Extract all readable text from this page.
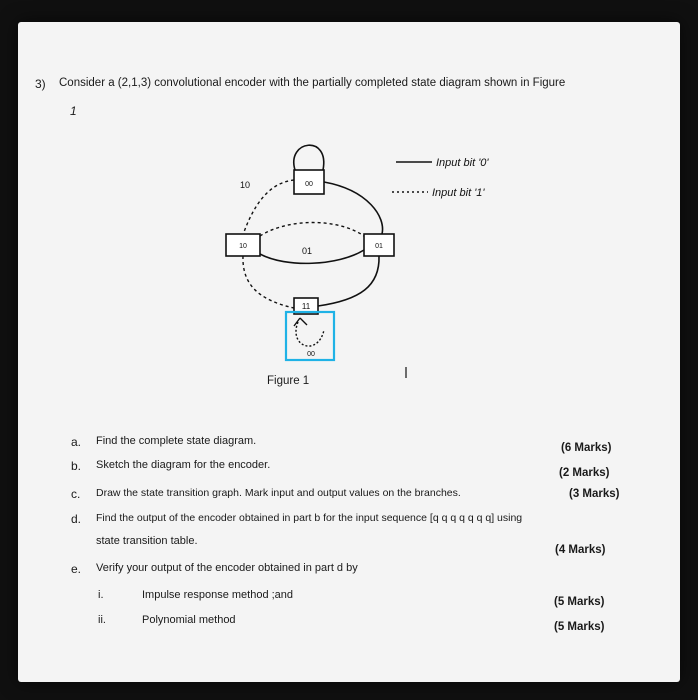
3) Consider a (2,1,3) convolutional encoder with the partially completed state diagram shown in Figure
1
00
10
10	01	01
11
00
Input bit '0'
Input bit '1'
Figure 1
a. Find the complete state diagram.
(6 Marks)
b. Sketch the diagram for the encoder.
(2 Marks)
c. Draw the state transition graph. Mark input and output values on the branches.	(3 Marks)
d. Find the output of the encoder obtained in part b for the input sequence [q q q q q q q] using
state transition table.
(4 Marks)
e. Verify your output of the encoder obtained in part d by
i.	Impulse response method ;and
(5 Marks)
ii.	Polynomial method
(5 Marks)
